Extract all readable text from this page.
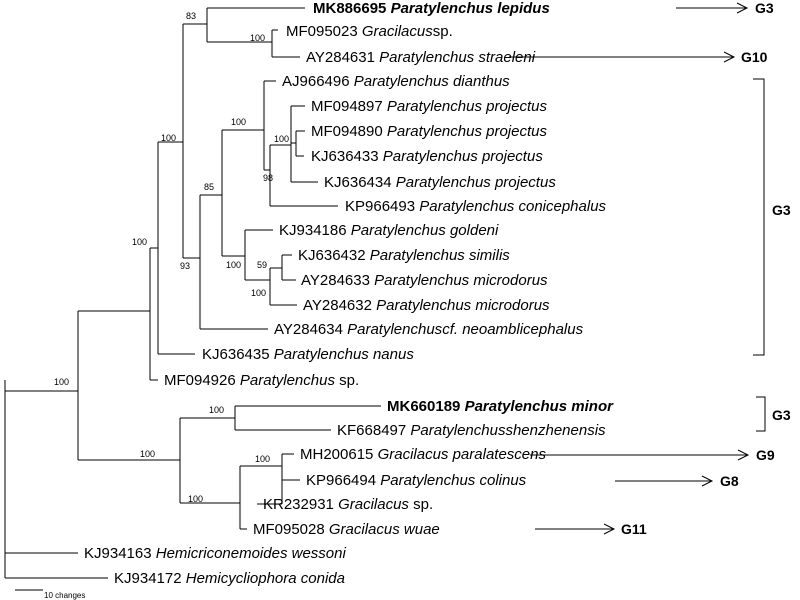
MK886695 Paratylenchus lepidus
MF095023 Gracilacussp.
AY284631 Paratylenchus straeleni
AJ966496 Paratylenchus dianthus
MF094897 Paratylenchus projectus
MF094890 Paratylenchus projectus
KJ636433 Paratylenchus projectus
KJ636434 Paratylenchus projectus
KP966493 Paratylenchus conicephalus
KJ934186 Paratylenchus goldeni
KJ636432 Paratylenchus similis
AY284633 Paratylenchus microdorus
AY284632 Paratylenchus microdorus
AY284634 Paratylenchuscf. neoamblicephalus
KJ636435 Paratylenchus nanus
MF094926 Paratylenchus sp.
MK660189 Paratylenchus minor
KF668497 Paratylenchusshenzhenensis
MH200615 Gracilacus paralatescens
KP966494 Paratylenchus colinus
KR232931 Gracilacus sp.
MF095028 Gracilacus wuae
KJ934163 Hemicriconemoides wessoni
KJ934172 Hemicycliophora conida
83
100
100
100
98
85
59
100
100
93
100
100
100
100
100	100
100
G3
G10
G3
G3
G9
G8
G11
10 changes
